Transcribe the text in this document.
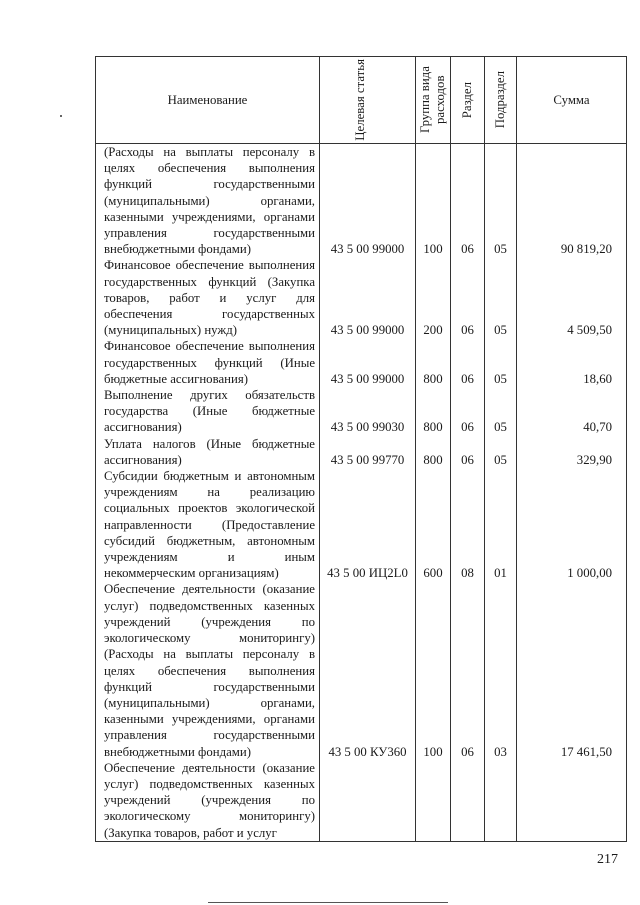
Наименование	Целевая статья	Группа вида расходов	Раздел	Подраздел	Сумма
(Расходы на выплаты персоналу в целях обеспечения выполнения функций государственными (муниципальными) органами, казенными учреждениями, органами управления государственными внебюджетными фондами)	43 5 00 99000	100	06	05	90 819,20
Финансовое обеспечение выполнения государственных функций (Закупка товаров, работ и услуг для обеспечения государственных (муниципальных) нужд)	43 5 00 99000	200	06	05	4 509,50
Финансовое обеспечение выполнения государственных функций (Иные бюджетные ассигнования)	43 5 00 99000	800	06	05	18,60
Выполнение других обязательств государства (Иные бюджетные ассигнования)	43 5 00 99030	800	06	05	40,70
Уплата налогов (Иные бюджетные ассигнования)	43 5 00 99770	800	06	05	329,90
Субсидии бюджетным и автономным учреждениям на реализацию социальных проектов экологической направленности (Предоставление субсидий бюджетным, автономным учреждениям и иным некоммерческим организациям)	43 5 00 ИЦ2L0	600	08	01	1 000,00
Обеспечение деятельности (оказание услуг) подведомственных казенных учреждений (учреждения по экологическому мониторингу) (Расходы на выплаты персоналу в целях обеспечения выполнения функций государственными (муниципальными) органами, казенными учреждениями, органами управления государственными внебюджетными фондами)	43 5 00 КУ360	100	06	03	17 461,50
Обеспечение деятельности (оказание услуг) подведомственных казенных учреждений (учреждения по экологическому мониторингу) (Закупка товаров, работ и услуг					
217
